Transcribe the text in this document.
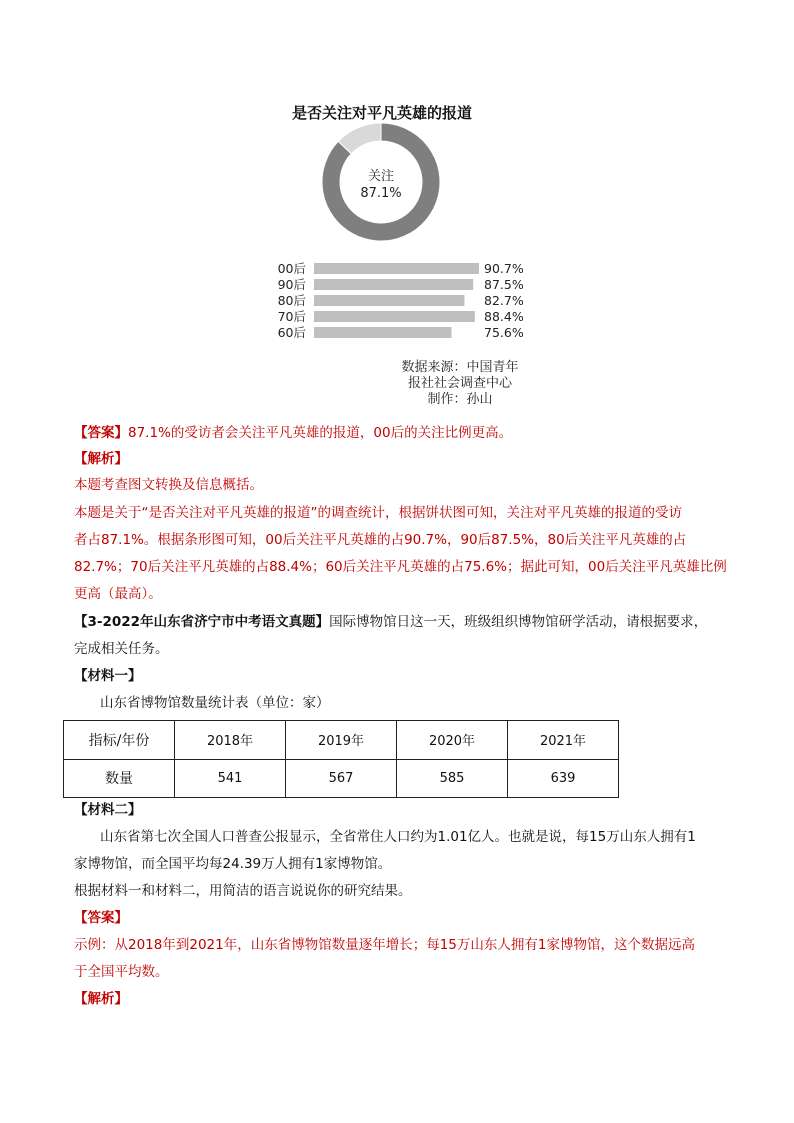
是否关注对平凡英雄的报道
关注
87.1%
00后	90.7%
90后	87.5%
80后	82.7%
70后	88.4%
60后	75.6%
数据来源：中国青年
报社社会调查中心
制作：孙山
【答案】87.1%的受访者会关注平凡英雄的报道，00后的关注比例更高。
【解析】
本题考查图文转换及信息概括。
本题是关于“是否关注对平凡英雄的报道”的调查统计，根据饼状图可知，关注对平凡英雄的报道的受访
者占87.1%。根据条形图可知，00后关注平凡英雄的占90.7%，90后87.5%，80后关注平凡英雄的占
82.7%；70后关注平凡英雄的占88.4%；60后关注平凡英雄的占75.6%；据此可知，00后关注平凡英雄比例
更高（最高）。
【3-2022年山东省济宁市中考语文真题】国际博物馆日这一天，班级组织博物馆研学活动，请根据要求，
完成相关任务。
【材料一】
山东省博物馆数量统计表（单位：家）
指标/年份	2018年	2019年	2020年	2021年
数量	541	567	585	639
【材料二】
山东省第七次全国人口普查公报显示，全省常住人口约为1.01亿人。也就是说，每15万山东人拥有1
家博物馆，而全国平均每24.39万人拥有1家博物馆。
根据材料一和材料二，用简洁的语言说说你的研究结果。
【答案】
示例：从2018年到2021年，山东省博物馆数量逐年增长；每15万山东人拥有1家博物馆，这个数据远高
于全国平均数。
【解析】
